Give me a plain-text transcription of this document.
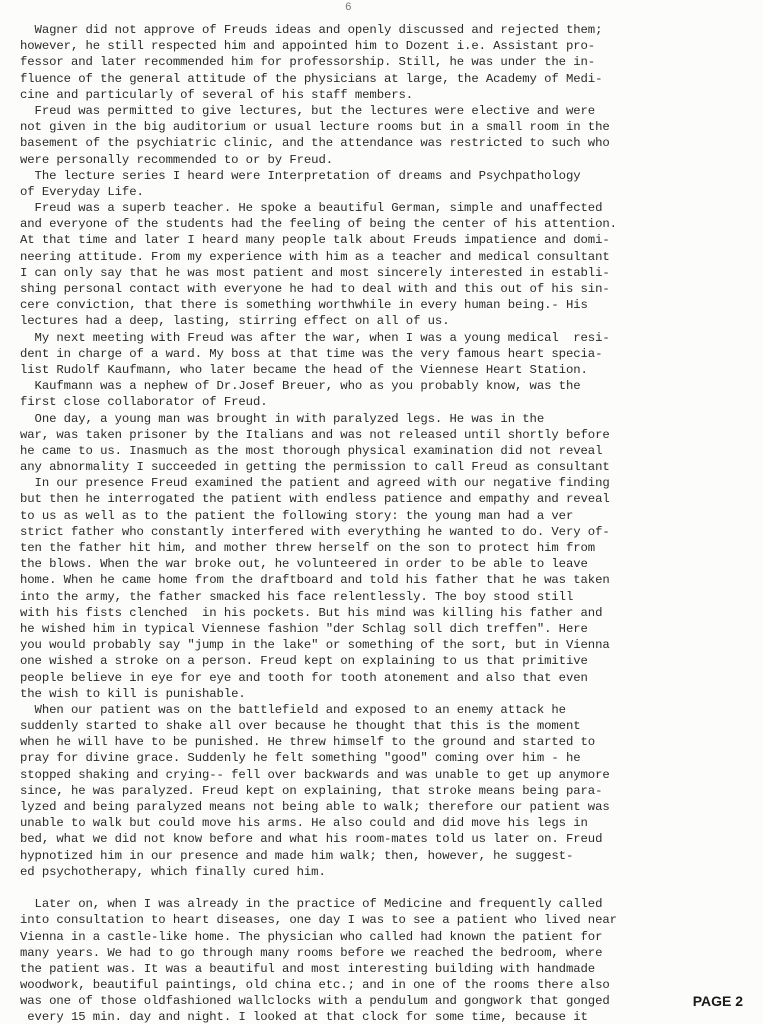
6
Wagner did not approve of Freuds ideas and openly discussed and rejected them;
however, he still respected him and appointed him to Dozent i.e. Assistant pro-
fessor and later recommended him for professorship. Still, he was under the in-
fluence of the general attitude of the physicians at large, the Academy of Medi-
cine and particularly of several of his staff members.
Freud was permitted to give lectures, but the lectures were elective and were
not given in the big auditorium or usual lecture rooms but in a small room in the
basement of the psychiatric clinic, and the attendance was restricted to such who
were personally recommended to or by Freud.
The lecture series I heard were Interpretation of dreams and Psychpathology
of Everyday Life.
Freud was a superb teacher. He spoke a beautiful German, simple and unaffected
and everyone of the students had the feeling of being the center of his attention.
At that time and later I heard many people talk about Freuds impatience and domi-
neering attitude. From my experience with him as a teacher and medical consultant
I can only say that he was most patient and most sincerely interested in establi-
shing personal contact with everyone he had to deal with and this out of his sin-
cere conviction, that there is something worthwhile in every human being.- His
lectures had a deep, lasting, stirring effect on all of us.
My next meeting with Freud was after the war, when I was a young medical  resi-
dent in charge of a ward. My boss at that time was the very famous heart specia-
list Rudolf Kaufmann, who later became the head of the Viennese Heart Station.
Kaufmann was a nephew of Dr.Josef Breuer, who as you probably know, was the
first close collaborator of Freud.
One day, a young man was brought in with paralyzed legs. He was in the
war, was taken prisoner by the Italians and was not released until shortly before
he came to us. Inasmuch as the most thorough physical examination did not reveal
any abnormality I succeeded in getting the permission to call Freud as consultant
In our presence Freud examined the patient and agreed with our negative finding
but then he interrogated the patient with endless patience and empathy and reveal
to us as well as to the patient the following story: the young man had a ver
strict father who constantly interfered with everything he wanted to do. Very of-
ten the father hit him, and mother threw herself on the son to protect him from
the blows. When the war broke out, he volunteered in order to be able to leave
home. When he came home from the draftboard and told his father that he was taken
into the army, the father smacked his face relentlessly. The boy stood still
with his fists clenched  in his pockets. But his mind was killing his father and
he wished him in typical Viennese fashion "der Schlag soll dich treffen". Here
you would probably say "jump in the lake" or something of the sort, but in Vienna
one wished a stroke on a person. Freud kept on explaining to us that primitive
people believe in eye for eye and tooth for tooth atonement and also that even
the wish to kill is punishable.
When our patient was on the battlefield and exposed to an enemy attack he
suddenly started to shake all over because he thought that this is the moment
when he will have to be punished. He threw himself to the ground and started to
pray for divine grace. Suddenly he felt something "good" coming over him - he
stopped shaking and crying-- fell over backwards and was unable to get up anymore
since, he was paralyzed. Freud kept on explaining, that stroke means being para-
lyzed and being paralyzed means not being able to walk; therefore our patient was
unable to walk but could move his arms. He also could and did move his legs in
bed, what we did not know before and what his room-mates told us later on. Freud
hypnotized him in our presence and made him walk; then, however, he suggest-
ed psychotherapy, which finally cured him.
Later on, when I was already in the practice of Medicine and frequently called
into consultation to heart diseases, one day I was to see a patient who lived near
Vienna in a castle-like home. The physician who called had known the patient for
many years. We had to go through many rooms before we reached the bedroom, where
the patient was. It was a beautiful and most interesting building with handmade
woodwork, beautiful paintings, old china etc.; and in one of the rooms there also
was one of those oldfashioned wallclocks with a pendulum and gongwork that gonged
every 15 min. day and night. I looked at that clock for some time, because it
PAGE 2
